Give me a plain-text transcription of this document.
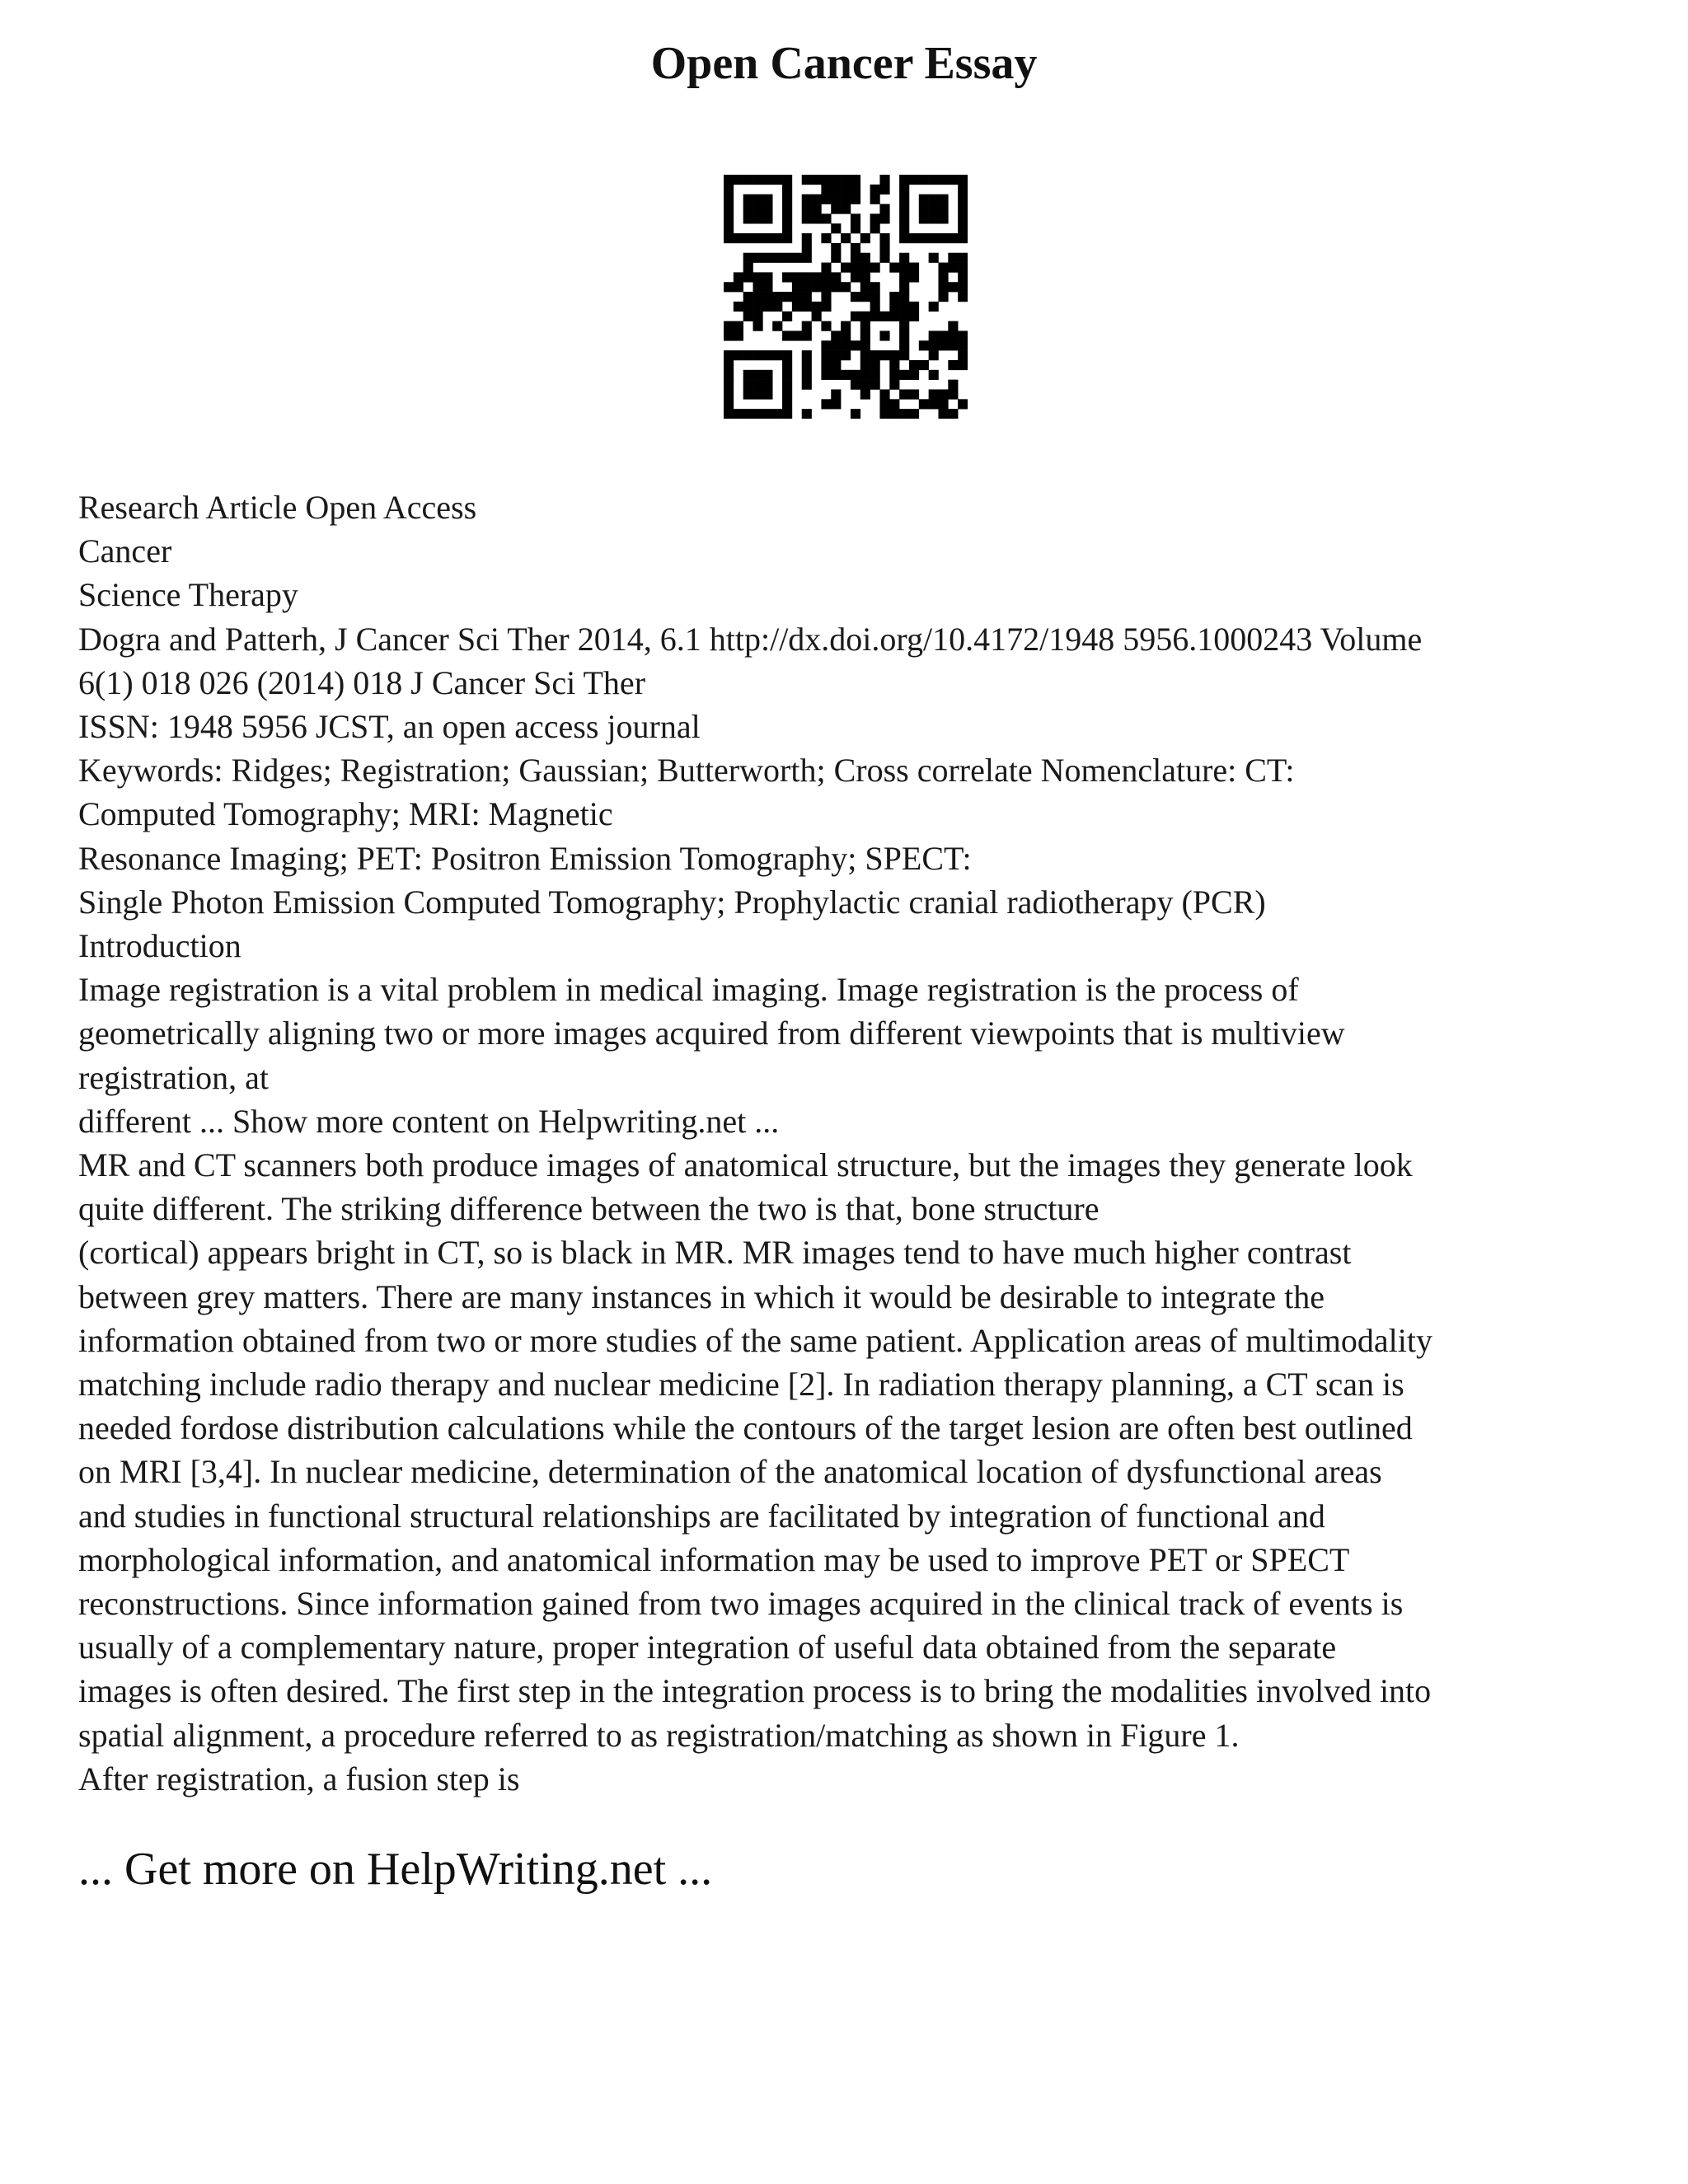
Open Cancer Essay
Research Article Open Access
Cancer
Science Therapy
Dogra and Patterh, J Cancer Sci Ther 2014, 6.1 http://dx.doi.org/10.4172/1948 5956.1000243 Volume
6(1) 018 026 (2014) 018 J Cancer Sci Ther
ISSN: 1948 5956 JCST, an open access journal
Keywords: Ridges; Registration; Gaussian; Butterworth; Cross correlate Nomenclature: CT:
Computed Tomography; MRI: Magnetic
Resonance Imaging; PET: Positron Emission Tomography; SPECT:
Single Photon Emission Computed Tomography; Prophylactic cranial radiotherapy (PCR)
Introduction
Image registration is a vital problem in medical imaging. Image registration is the process of
geometrically aligning two or more images acquired from different viewpoints that is multiview
registration, at
different ... Show more content on Helpwriting.net ...
MR and CT scanners both produce images of anatomical structure, but the images they generate look
quite different. The striking difference between the two is that, bone structure
(cortical) appears bright in CT, so is black in MR. MR images tend to have much higher contrast
between grey matters. There are many instances in which it would be desirable to integrate the
information obtained from two or more studies of the same patient. Application areas of multimodality
matching include radio therapy and nuclear medicine [2]. In radiation therapy planning, a CT scan is
needed fordose distribution calculations while the contours of the target lesion are often best outlined
on MRI [3,4]. In nuclear medicine, determination of the anatomical location of dysfunctional areas
and studies in functional structural relationships are facilitated by integration of functional and
morphological information, and anatomical information may be used to improve PET or SPECT
reconstructions. Since information gained from two images acquired in the clinical track of events is
usually of a complementary nature, proper integration of useful data obtained from the separate
images is often desired. The first step in the integration process is to bring the modalities involved into
spatial alignment, a procedure referred to as registration/matching as shown in Figure 1.
After registration, a fusion step is
... Get more on HelpWriting.net ...
